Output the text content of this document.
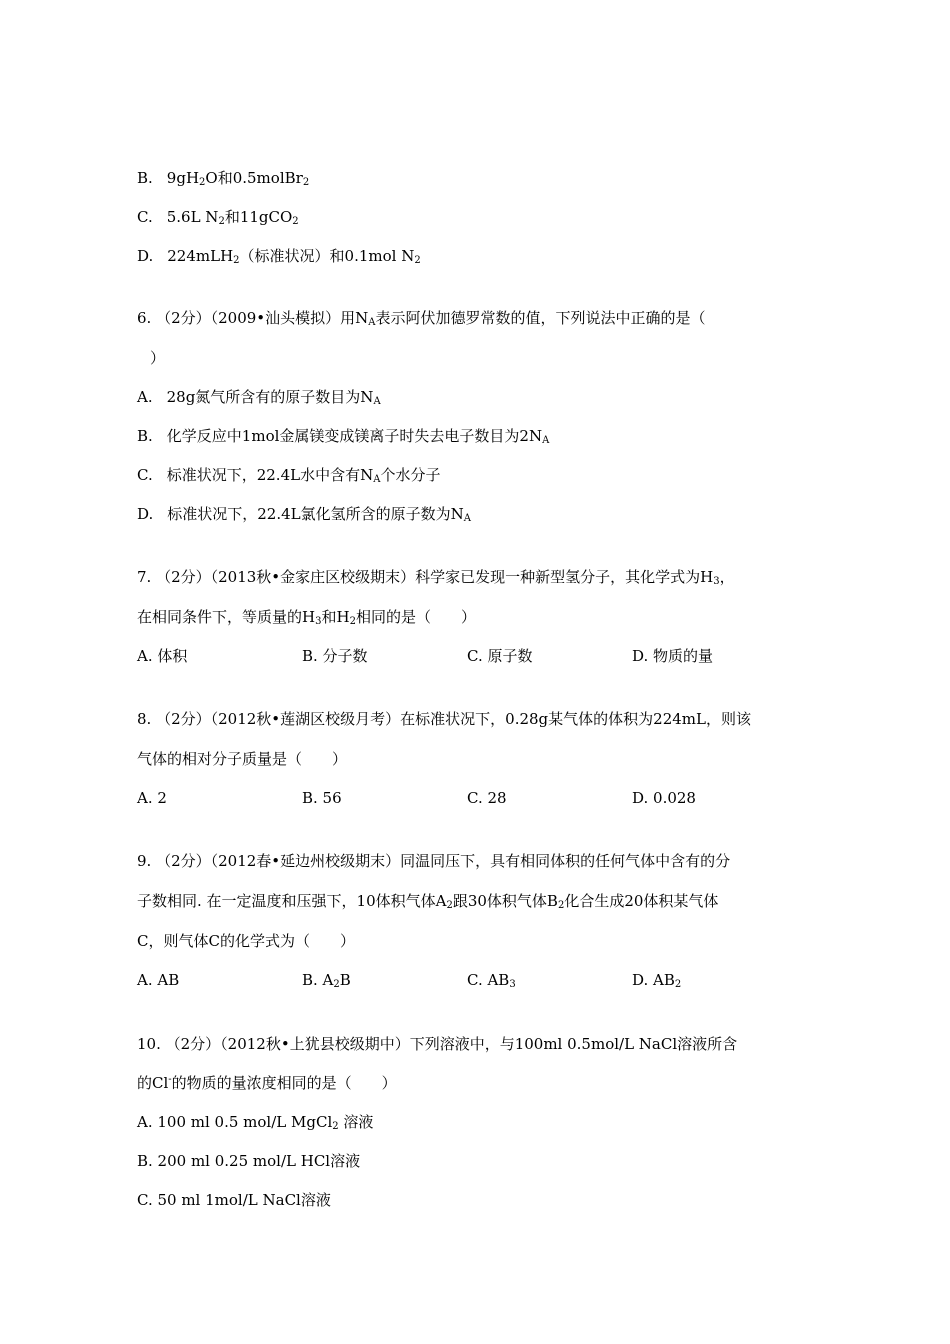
B. $9gH_2O$和0.5molBr$_2$
C. 5.6L $N_2$和11gCO$_2$
D. 224mLH$_2$（标准状况）和0.1mol $N_2$
6. （2分）（2009•汕头模拟）用$N_A$表示阿伏加德罗常数的值，下列说法中正确的是（
）
A. 28g氮气所含有的原子数目为$N_A$
B. 化学反应中1mol金属镁变成镁离子时失去电子数目为$2N_A$
C. 标准状况下，22.4L水中含有$N_A$个水分子
D. 标准状况下，22.4L氯化氢所含的原子数为$N_A$
7. （2分）（2013秋•金家庄区校级期末）科学家已发现一种新型氢分子，其化学式为$H_3$，
在相同条件下，等质量的$H_3$和$H_2$相同的是（　　）
A. 体积	B. 分子数	C. 原子数	D. 物质的量
8. （2分）（2012秋•莲湖区校级月考）在标准状况下，0.28g某气体的体积为224mL，则该
气体的相对分子质量是（　　）
A. 2	B. 56	C. 28	D. 0.028
9. （2分）（2012春•延边州校级期末）同温同压下，具有相同体积的任何气体中含有的分
子数相同. 在一定温度和压强下，10体积气体$A_2$跟30体积气体$B_2$化合生成20体积某气体
C，则气体C的化学式为（　　）
A. AB	B. $A_2B$	C. $AB_3$	D. $AB_2$
10. （2分）（2012秋•上犹县校级期中）下列溶液中，与100ml 0.5mol/L NaCl溶液所含
的Cl-的物质的量浓度相同的是（　　）
A. 100 ml 0.5 mol/L MgCl$_2$ 溶液
B. 200 ml 0.25 mol/L HCl溶液
C. 50 ml 1mol/L NaCl溶液
